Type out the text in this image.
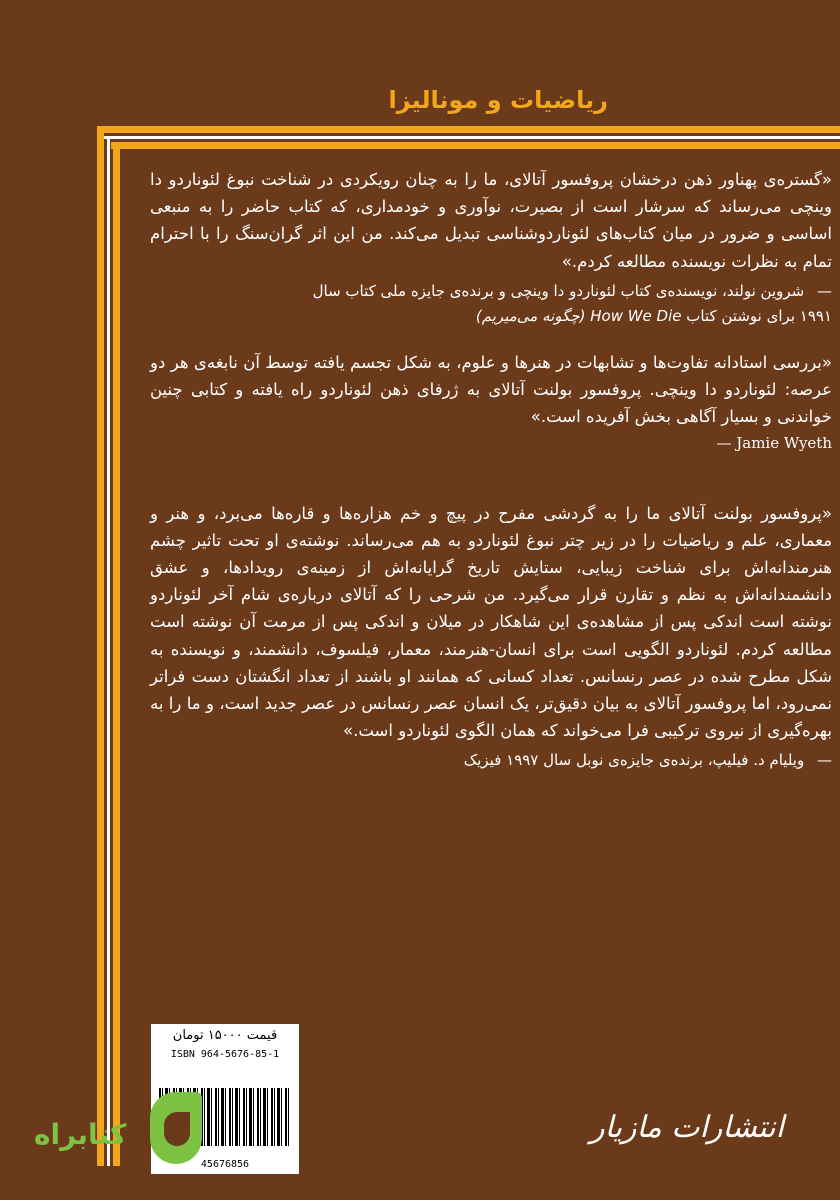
ریاضیات و مونالیزا

«گستره‌ی پهناور ذهن درخشان پروفسور آتالای، ما را به چنان رویکردی در شناخت نبوغ لئوناردو دا وینچی می‌رساند که سرشار است از بصیرت، نوآوری و خودمداری، که کتاب حاضر را به منبعی اساسی و ضرور در میان کتاب‌های لئوناردوشناسی تبدیل می‌کند. من این اثر گران‌سنگ را با احترام تمام به نظرات نویسنده مطالعه کردم.»

— شروین نولند، نویسنده‌ی کتاب لئوناردو دا وینچی و برنده‌ی جایزه ملی کتاب سال
۱۹۹۱ برای نوشتن کتاب How We Die (چگونه می‌میریم)

«بررسی استادانه تفاوت‌ها و تشابهات در هنرها و علوم، به شکل تجسم یافته توسط آن نابغه‌ی هر دو عرصه: لئوناردو دا وینچی. پروفسور بولنت آتالای به ژرفای ذهن لئوناردو راه یافته و کتابی چنین خواندنی و بسیار آگاهی بخش آفریده است.»

— Jamie Wyeth

«پروفسور بولنت آتالای ما را به گردشی مفرح در پیچ و خم هزاره‌ها و قاره‌ها می‌برد، و هنر و معماری، علم و ریاضیات را در زیر چتر نبوغ لئوناردو به هم می‌رساند. نوشته‌ی او تحت تاثیر چشم هنرمندانه‌اش برای شناخت زیبایی، ستایش تاریخ گرایانه‌اش از زمینه‌ی رویدادها، و عشق دانشمندانه‌اش به نظم و تقارن قرار می‌گیرد. من شرحی را که آتالای درباره‌ی شام آخر لئوناردو نوشته است اندکی پس از مشاهده‌ی این شاهکار در میلان و اندکی پس از مرمت آن نوشته است مطالعه کردم. لئوناردو الگویی است برای انسان-هنرمند، معمار، فیلسوف، دانشمند، و نویسنده به شکل مطرح شده در عصر رنسانس. تعداد کسانی که همانند او باشند از تعداد انگشتان دست فراتر نمی‌رود، اما پروفسور آتالای به بیان دقیق‌تر، یک انسان عصر رنسانس در عصر جدید است، و ما را به بهره‌گیری از نیروی ترکیبی فرا می‌خواند که همان الگوی لئوناردو است.»

— ویلیام د. فیلیپ، برنده‌ی جایزه‌ی نوبل سال ۱۹۹۷ فیزیک

قیمت ۱۵۰۰۰ تومان
ISBN 964-5676-85-1
45676856
کتابراه	انتشارات مازیار
